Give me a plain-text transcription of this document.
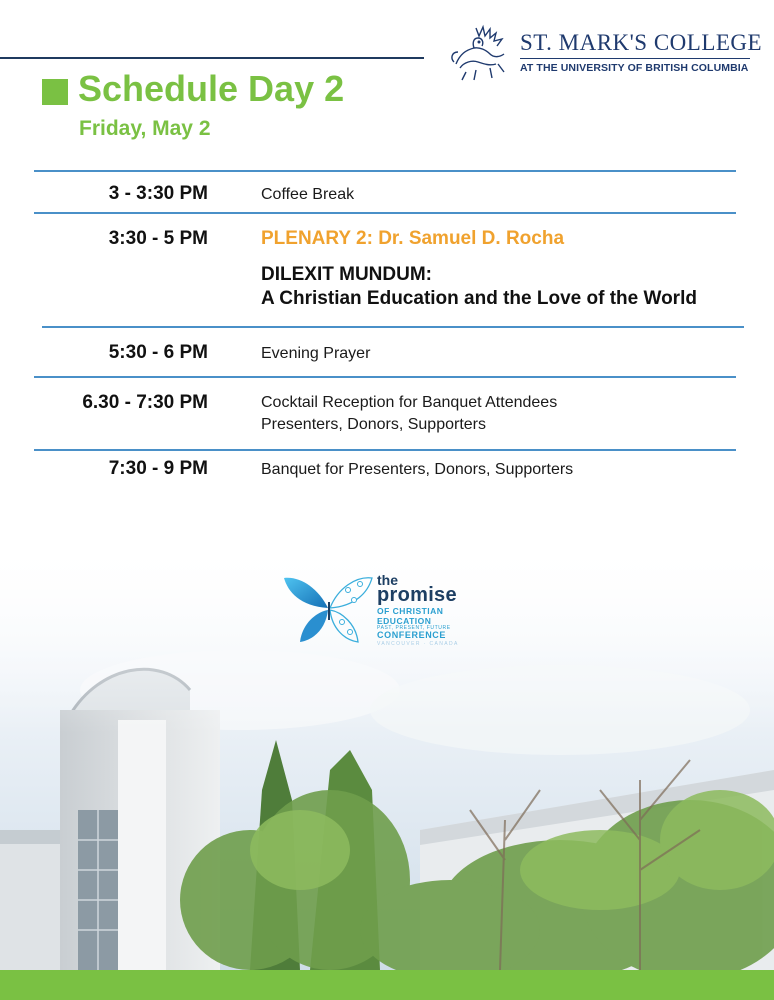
ST. MARK'S COLLEGE
AT THE UNIVERSITY OF BRITISH COLUMBIA
Schedule Day 2
Friday, May 2
3 - 3:30 PM	Coffee Break
3:30 - 5 PM	PLENARY 2: Dr. Samuel D. Rocha
DILEXIT MUNDUM:
A Christian Education and the Love of the World
5:30 - 6 PM	Evening Prayer
6.30 - 7:30 PM	Cocktail Reception for Banquet Attendees
Presenters, Donors, Supporters
7:30 - 9 PM	Banquet for Presenters, Donors, Supporters
the
promise
OF CHRISTIAN
EDUCATION
PAST, PRESENT, FUTURE
CONFERENCE
VANCOUVER · CANADA
